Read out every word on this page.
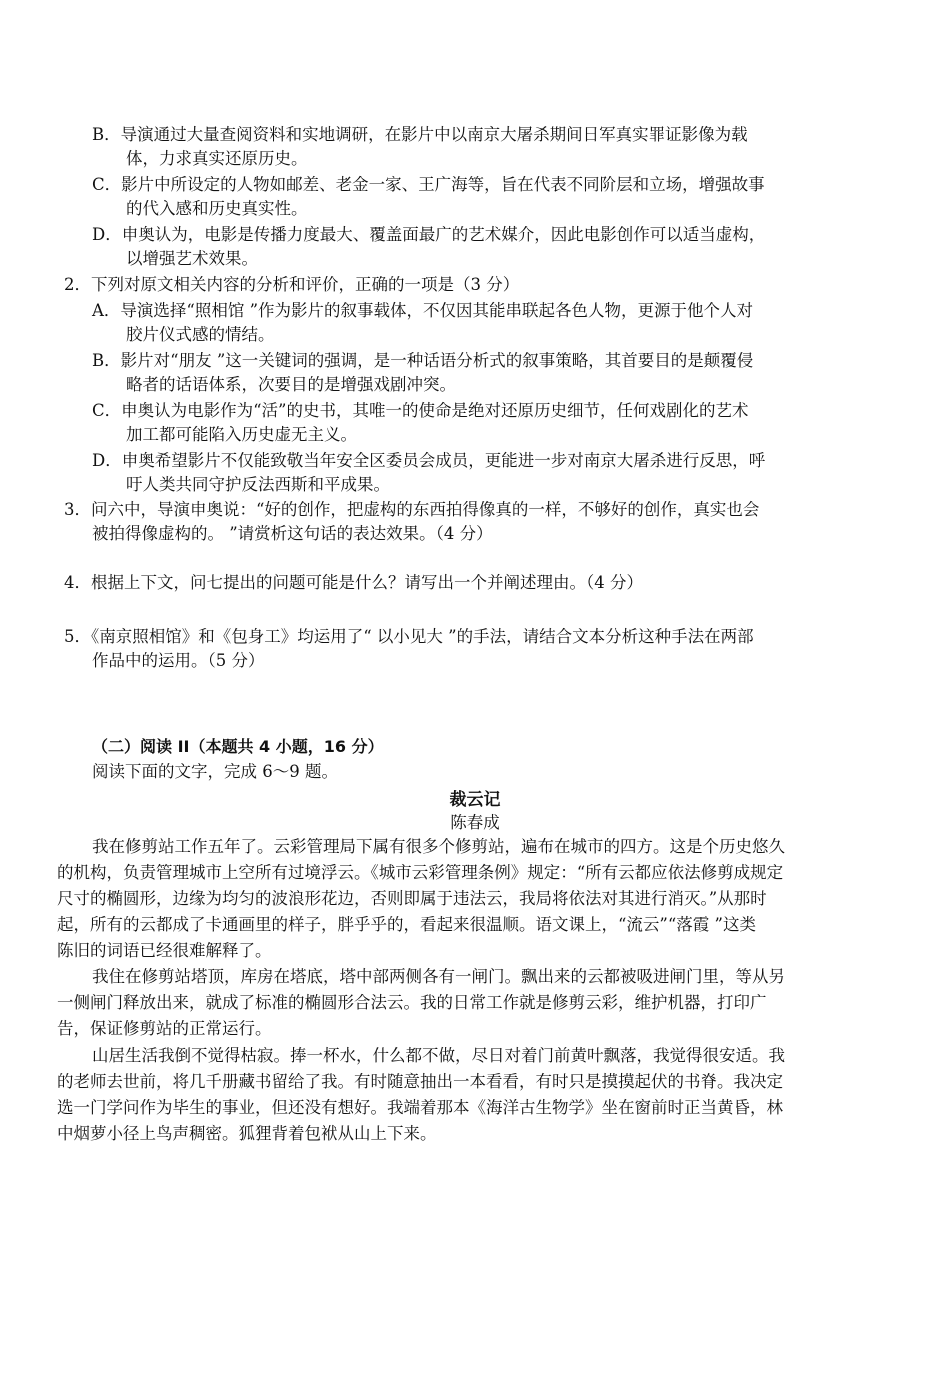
B．导演通过大量查阅资料和实地调研，在影片中以南京大屠杀期间日军真实罪证影像为载
体，力求真实还原历史。
C．影片中所设定的人物如邮差、老金一家、王广海等，旨在代表不同阶层和立场，增强故事
的代入感和历史真实性。
D．申奥认为，电影是传播力度最大、覆盖面最广的艺术媒介，因此电影创作可以适当虚构，
以增强艺术效果。
2．下列对原文相关内容的分析和评价，正确的一项是（3 分）
A．导演选择“照相馆 ”作为影片的叙事载体，不仅因其能串联起各色人物，更源于他个人对
胶片仪式感的情结。
B．影片对“朋友 ”这一关键词的强调，是一种话语分析式的叙事策略，其首要目的是颠覆侵
略者的话语体系，次要目的是增强戏剧冲突。
C．申奥认为电影作为“活”的史书，其唯一的使命是绝对还原历史细节，任何戏剧化的艺术
加工都可能陷入历史虚无主义。
D．申奥希望影片不仅能致敬当年安全区委员会成员，更能进一步对南京大屠杀进行反思，呼
吁人类共同守护反法西斯和平成果。
3．问六中，导演申奥说：“好的创作，把虚构的东西拍得像真的一样，不够好的创作，真实也会
被拍得像虚构的。 ”请赏析这句话的表达效果。（4 分）
4．根据上下文，问七提出的问题可能是什么？请写出一个并阐述理由。（4 分）
5．《南京照相馆》和《包身工》均运用了“ 以小见大 ”的手法，请结合文本分析这种手法在两部
作品中的运用。（5 分）
（二）阅读 II（本题共 4 小题，16 分）
阅读下面的文字，完成 6～9 题。
裁云记
陈春成
我在修剪站工作五年了。云彩管理局下属有很多个修剪站，遍布在城市的四方。这是个历史悠久
的机构，负责管理城市上空所有过境浮云。《城市云彩管理条例》规定：“所有云都应依法修剪成规定
尺寸的椭圆形，边缘为均匀的波浪形花边，否则即属于违法云，我局将依法对其进行消灭。”从那时
起，所有的云都成了卡通画里的样子，胖乎乎的，看起来很温顺。语文课上，“流云”“落霞 ”这类
陈旧的词语已经很难解释了。
我住在修剪站塔顶，库房在塔底，塔中部两侧各有一闸门。飘出来的云都被吸进闸门里，等从另
一侧闸门释放出来，就成了标准的椭圆形合法云。我的日常工作就是修剪云彩，维护机器，打印广
告，保证修剪站的正常运行。
山居生活我倒不觉得枯寂。捧一杯水，什么都不做，尽日对着门前黄叶飘落，我觉得很安适。我
的老师去世前，将几千册藏书留给了我。有时随意抽出一本看看，有时只是摸摸起伏的书脊。我决定
选一门学问作为毕生的事业，但还没有想好。我端着那本《海洋古生物学》坐在窗前时正当黄昏，林
中烟萝小径上鸟声稠密。狐狸背着包袱从山上下来。
